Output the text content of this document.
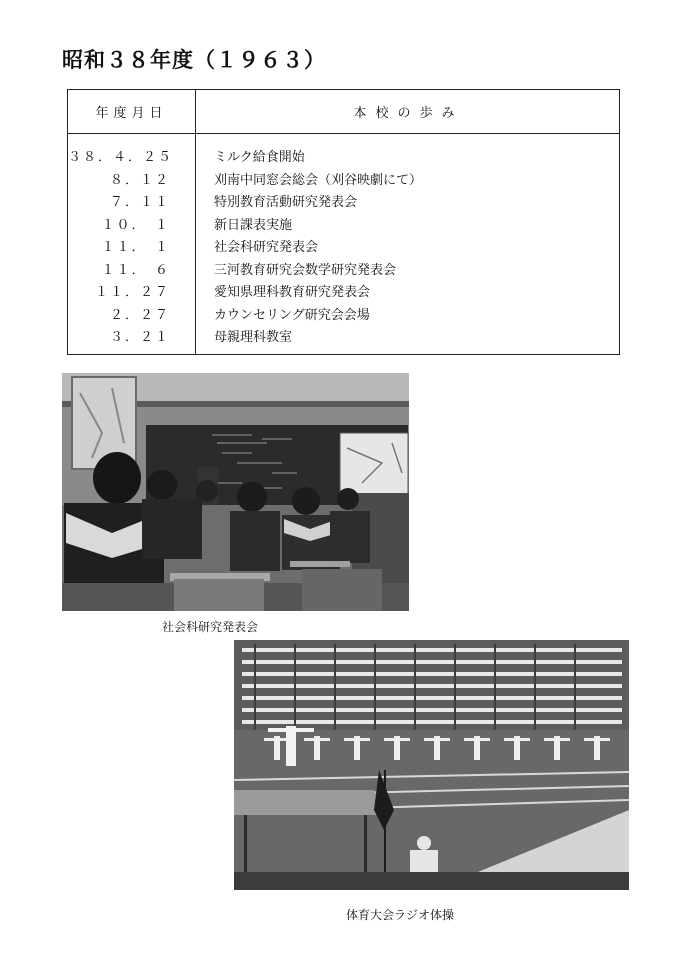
昭和３８年度（１９６３）
年度月日	本校の歩み
３８．４．２５	ミルク給食開始
８．１２	刈南中同窓会総会（刈谷映劇にて）
７．１１	特別教育活動研究発表会
１０．　１	新日課表実施
１１．　１	社会科研究発表会
１１．　６	三河教育研究会数学研究発表会
１１．２７	愛知県理科教育研究発表会
２．２７	カウンセリング研究会会場
３．２１	母親理科教室
社会科研究発表会
体育大会ラジオ体操
